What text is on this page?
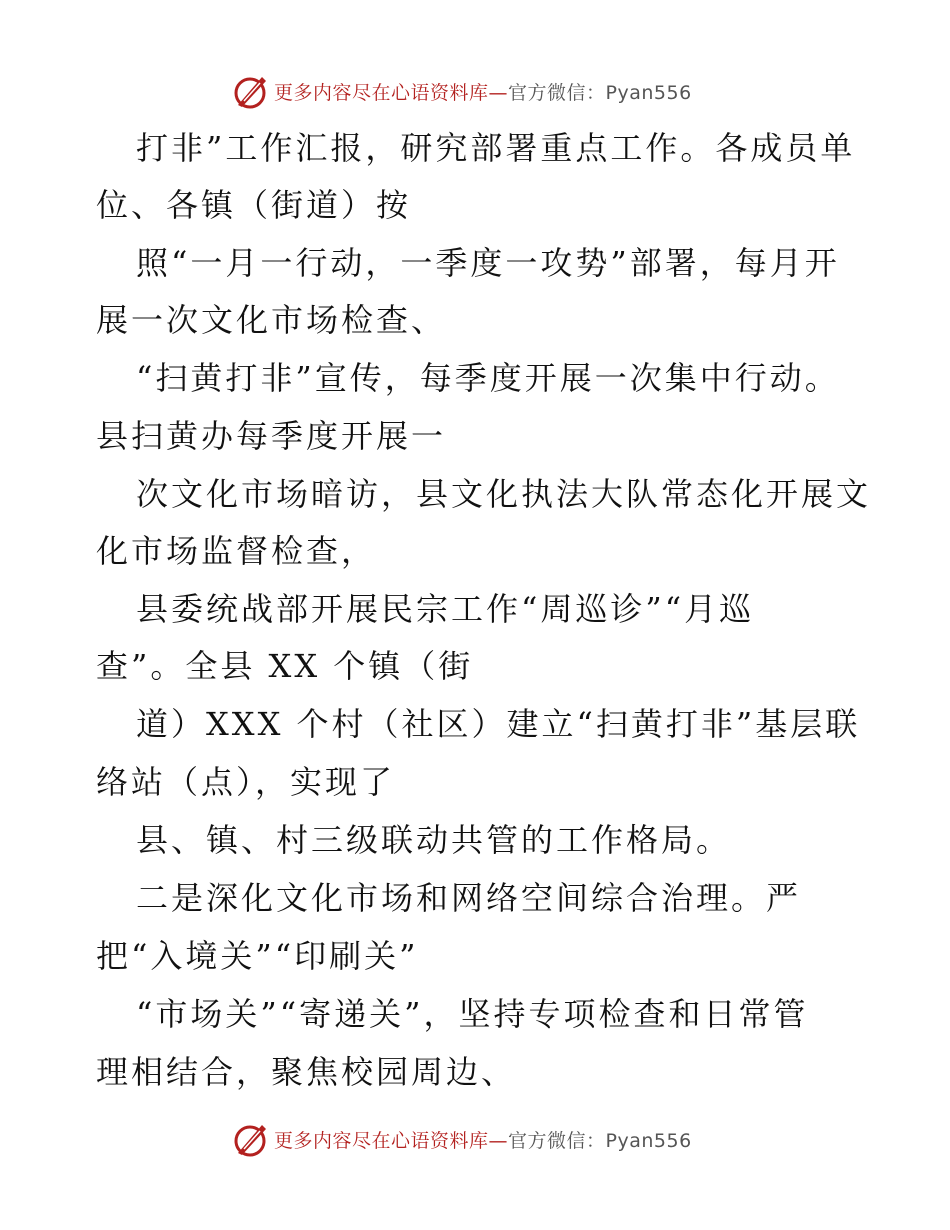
更多内容尽在心语资料库—官方微信：Pyan556
打非”工作汇报，研究部署重点工作。各成员单
位、各镇（街道）按
照“一月一行动，一季度一攻势”部署，每月开
展一次文化市场检查、
“扫黄打非”宣传，每季度开展一次集中行动。
县扫黄办每季度开展一
次文化市场暗访，县文化执法大队常态化开展文
化市场监督检查，
县委统战部开展民宗工作“周巡诊”“月巡
查”。全县 XX 个镇（街
道）XXX 个村（社区）建立“扫黄打非”基层联
络站（点），实现了
县、镇、村三级联动共管的工作格局。
二是深化文化市场和网络空间综合治理。严
把“入境关”“印刷关”
“市场关”“寄递关”，坚持专项检查和日常管
理相结合，聚焦校园周边、
更多内容尽在心语资料库—官方微信：Pyan556
